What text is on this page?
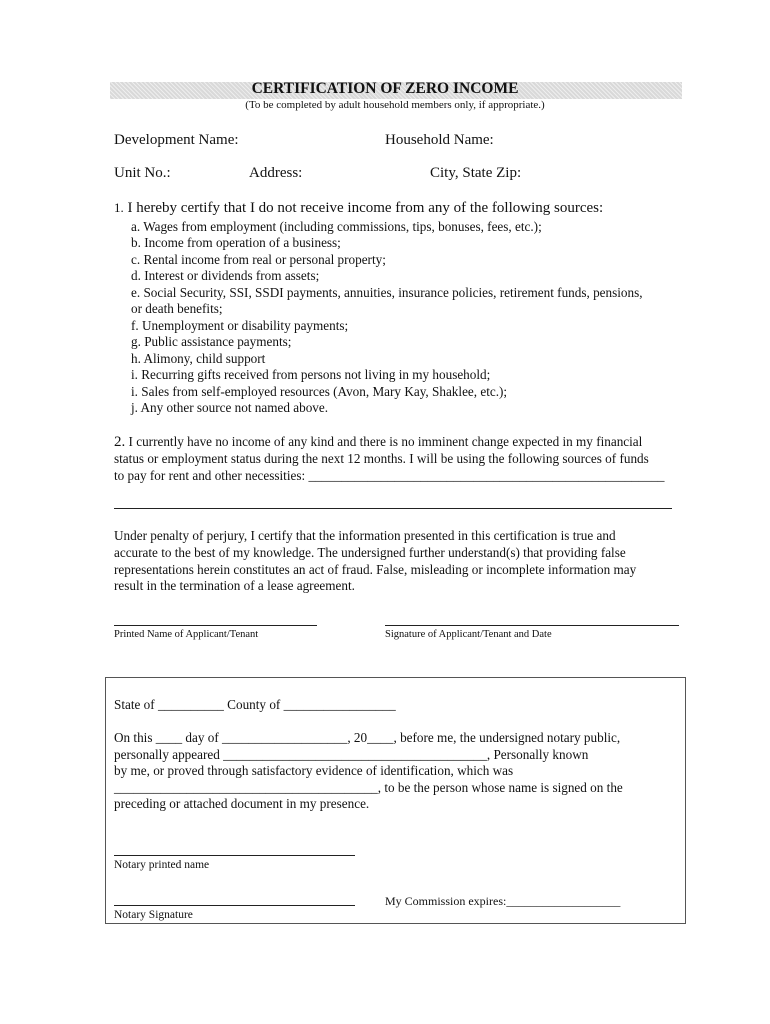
CERTIFICATION OF ZERO INCOME
(To be completed by adult household members only, if appropriate.)
Development Name:	Household Name:
Unit No.:	Address:	City, State Zip:
1. I hereby certify that I do not receive income from any of the following sources:
a. Wages from employment (including commissions, tips, bonuses, fees, etc.);
b. Income from operation of a business;
c. Rental income from real or personal property;
d. Interest or dividends from assets;
e. Social Security, SSI, SSDI payments, annuities, insurance policies, retirement funds, pensions,
or death benefits;
f. Unemployment or disability payments;
g. Public assistance payments;
h. Alimony, child support
i. Recurring gifts received from persons not living in my household;
i. Sales from self-employed resources (Avon, Mary Kay, Shaklee, etc.);
j. Any other source not named above.
2. I currently have no income of any kind and there is no imminent change expected in my financial
status or employment status during the next 12 months. I will be using the following sources of funds
to pay for rent and other necessities: ______________________________________________________
Under penalty of perjury, I certify that the information presented in this certification is true and
accurate to the best of my knowledge. The undersigned further understand(s) that providing false
representations herein constitutes an act of fraud. False, misleading or incomplete information may
result in the termination of a lease agreement.
Printed Name of Applicant/Tenant	Signature of Applicant/Tenant and Date
State of __________ County of _________________
On this ____ day of ___________________, 20____, before me, the undersigned notary public,
personally appeared ________________________________________, Personally known
by me, or proved through satisfactory evidence of identification, which was
________________________________________, to be the person whose name is signed on the
preceding or attached document in my presence.
Notary printed name
My Commission expires:___________________
Notary Signature
